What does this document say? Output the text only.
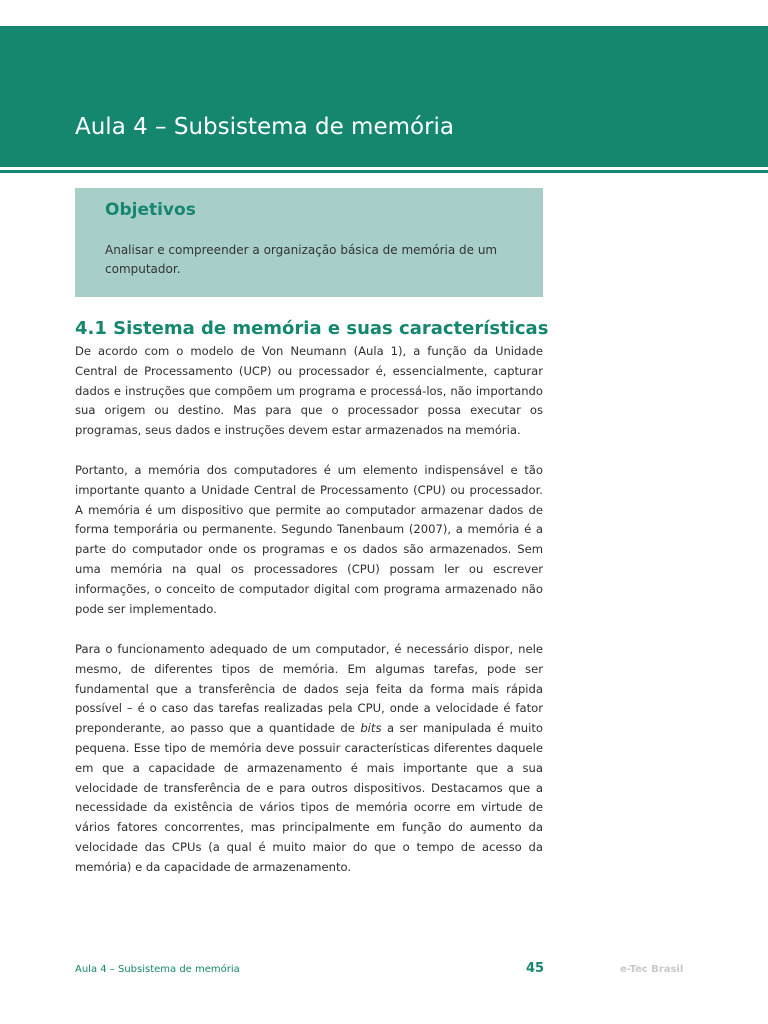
Aula 4 – Subsistema de memória
Objetivos

Analisar e compreender a organização básica de memória de um computador.

4.1 Sistema de memória e suas características

De acordo com o modelo de Von Neumann (Aula 1), a função da Unidade Central de Processamento (UCP) ou processador é, essencialmente, capturar dados e instruções que compõem um programa e processá-los, não importando sua origem ou destino. Mas para que o processador possa executar os programas, seus dados e instruções devem estar armazenados na memória.

Portanto, a memória dos computadores é um elemento indispensável e tão importante quanto a Unidade Central de Processamento (CPU) ou processador. A memória é um dispositivo que permite ao computador armazenar dados de forma temporária ou permanente. Segundo Tanenbaum (2007), a memória é a parte do computador onde os programas e os dados são armazenados. Sem uma memória na qual os processadores (CPU) possam ler ou escrever informações, o conceito de computador digital com programa armazenado não pode ser implementado.

Para o funcionamento adequado de um computador, é necessário dispor, nele mesmo, de diferentes tipos de memória. Em algumas tarefas, pode ser fundamental que a transferência de dados seja feita da forma mais rápida possível – é o caso das tarefas realizadas pela CPU, onde a velocidade é fator preponderante, ao passo que a quantidade de bits a ser manipulada é muito pequena. Esse tipo de memória deve possuir características diferentes daquele em que a capacidade de armazenamento é mais importante que a sua velocidade de transferência de e para outros dispositivos. Destacamos que a necessidade da existência de vários tipos de memória ocorre em virtude de vários fatores concorrentes, mas principalmente em função do aumento da velocidade das CPUs (a qual é muito maior do que o tempo de acesso da memória) e da capacidade de armazenamento.

Aula 4 – Subsistema de memória	45	e-Tec Brasil
